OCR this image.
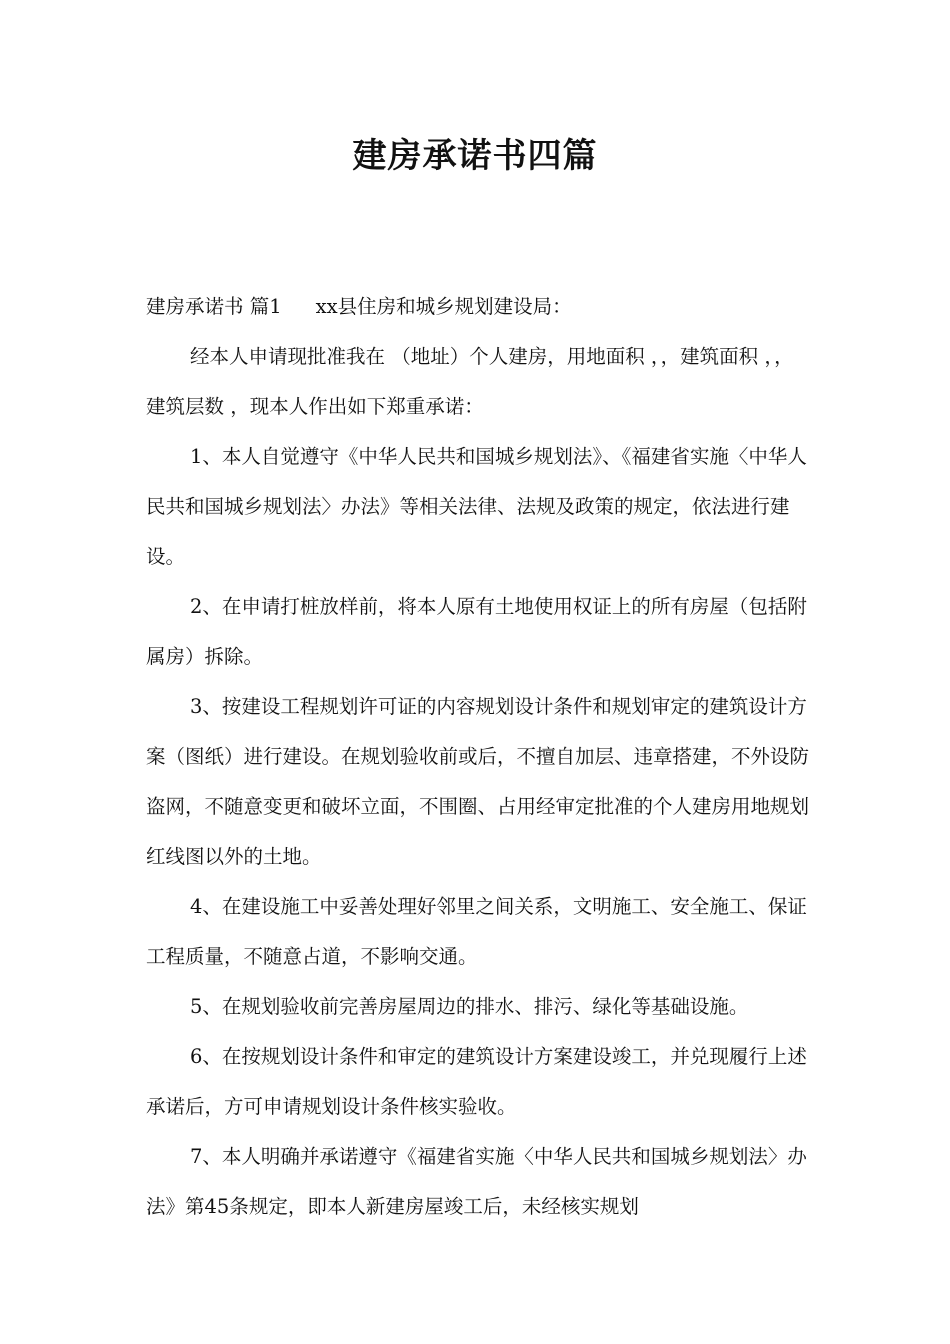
建房承诺书四篇

建房承诺书 篇1 xx县住房和城乡规划建设局：

经本人申请现批准我在 （地址）个人建房，用地面积 ，，建筑面积 ，，建筑层数 ，现本人作出如下郑重承诺：

1、本人自觉遵守《中华人民共和国城乡规划法》、《福建省实施〈中华人民共和国城乡规划法〉办法》等相关法律、法规及政策的规定，依法进行建设。

2、在申请打桩放样前，将本人原有土地使用权证上的所有房屋（包括附属房）拆除。

3、按建设工程规划许可证的内容规划设计条件和规划审定的建筑设计方案（图纸）进行建设。在规划验收前或后，不擅自加层、违章搭建，不外设防盗网，不随意变更和破坏立面，不围圈、占用经审定批准的个人建房用地规划红线图以外的土地。

4、在建设施工中妥善处理好邻里之间关系，文明施工、安全施工、保证工程质量，不随意占道，不影响交通。

5、在规划验收前完善房屋周边的排水、排污、绿化等基础设施。

6、在按规划设计条件和审定的建筑设计方案建设竣工，并兑现履行上述承诺后，方可申请规划设计条件核实验收。

7、本人明确并承诺遵守《福建省实施〈中华人民共和国城乡规划法〉办法》第45条规定，即本人新建房屋竣工后，未经核实规划
